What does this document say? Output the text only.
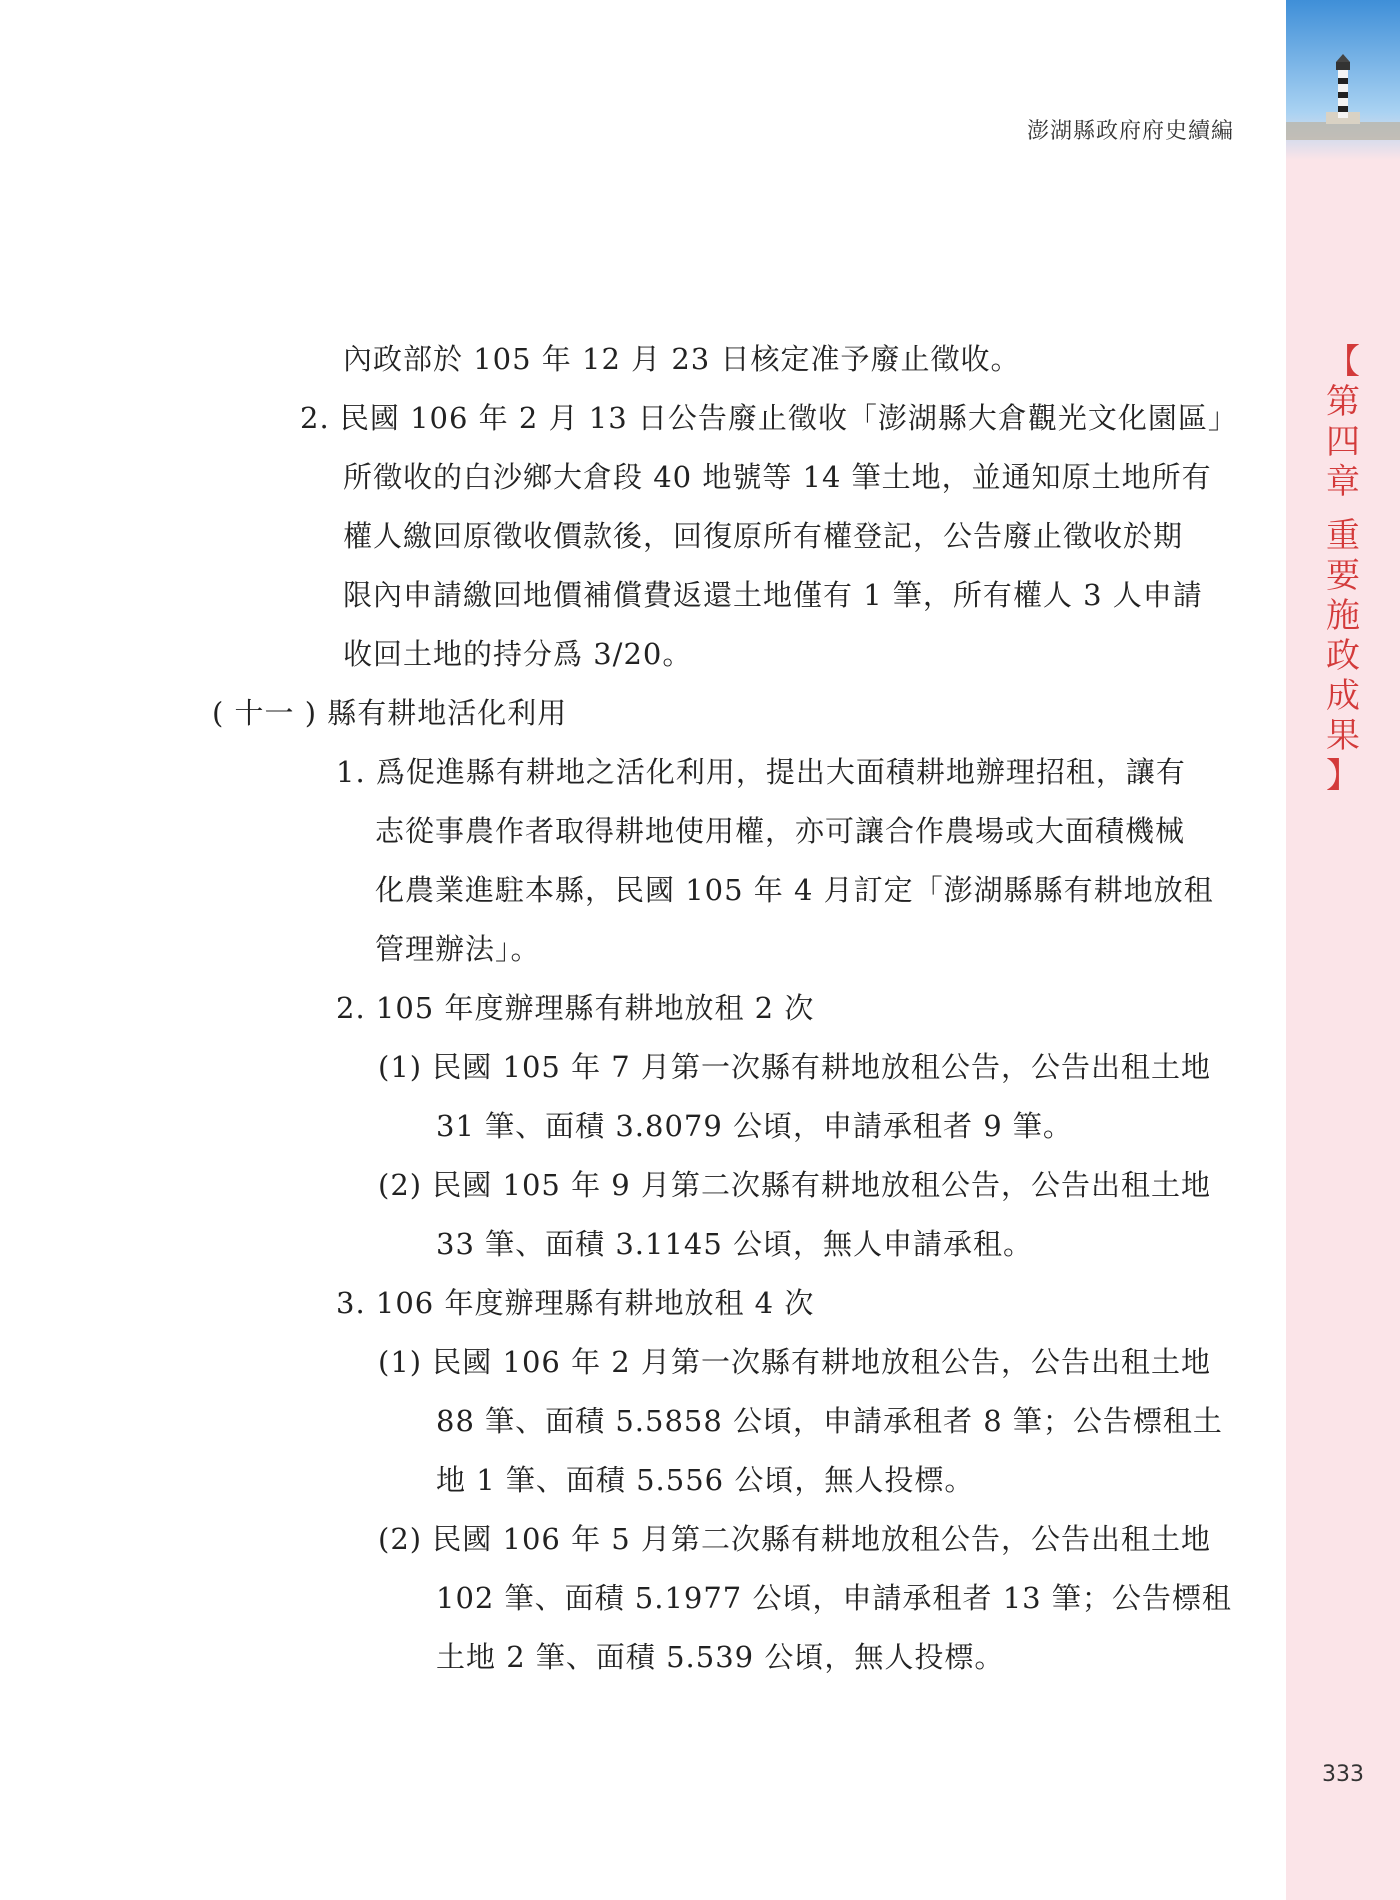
【
第
四
章
重
要
施
政
成
果
】
澎湖縣政府府史續編
內政部於 105 年 12 月 23 日核定准予廢止徵收。
2. 民國 106 年 2 月 13 日公告廢止徵收「澎湖縣大倉觀光文化園區」
所徵收的白沙鄉大倉段 40 地號等 14 筆土地，並通知原土地所有
權人繳回原徵收價款後，回復原所有權登記，公告廢止徵收於期
限內申請繳回地價補償費返還土地僅有 1 筆，所有權人 3 人申請
收回土地的持分爲 3/20。
( 十一 ) 縣有耕地活化利用
1. 爲促進縣有耕地之活化利用，提出大面積耕地辦理招租，讓有
志從事農作者取得耕地使用權，亦可讓合作農場或大面積機械
化農業進駐本縣，民國 105 年 4 月訂定「澎湖縣縣有耕地放租
管理辦法」。
2. 105 年度辦理縣有耕地放租 2 次
(1) 民國 105 年 7 月第一次縣有耕地放租公告，公告出租土地
31 筆、面積 3.8079 公頃，申請承租者 9 筆。
(2) 民國 105 年 9 月第二次縣有耕地放租公告，公告出租土地
33 筆、面積 3.1145 公頃，無人申請承租。
3. 106 年度辦理縣有耕地放租 4 次
(1) 民國 106 年 2 月第一次縣有耕地放租公告，公告出租土地
88 筆、面積 5.5858 公頃，申請承租者 8 筆；公告標租土
地 1 筆、面積 5.556 公頃，無人投標。
(2) 民國 106 年 5 月第二次縣有耕地放租公告，公告出租土地
102 筆、面積 5.1977 公頃，申請承租者 13 筆；公告標租
土地 2 筆、面積 5.539 公頃，無人投標。
333
